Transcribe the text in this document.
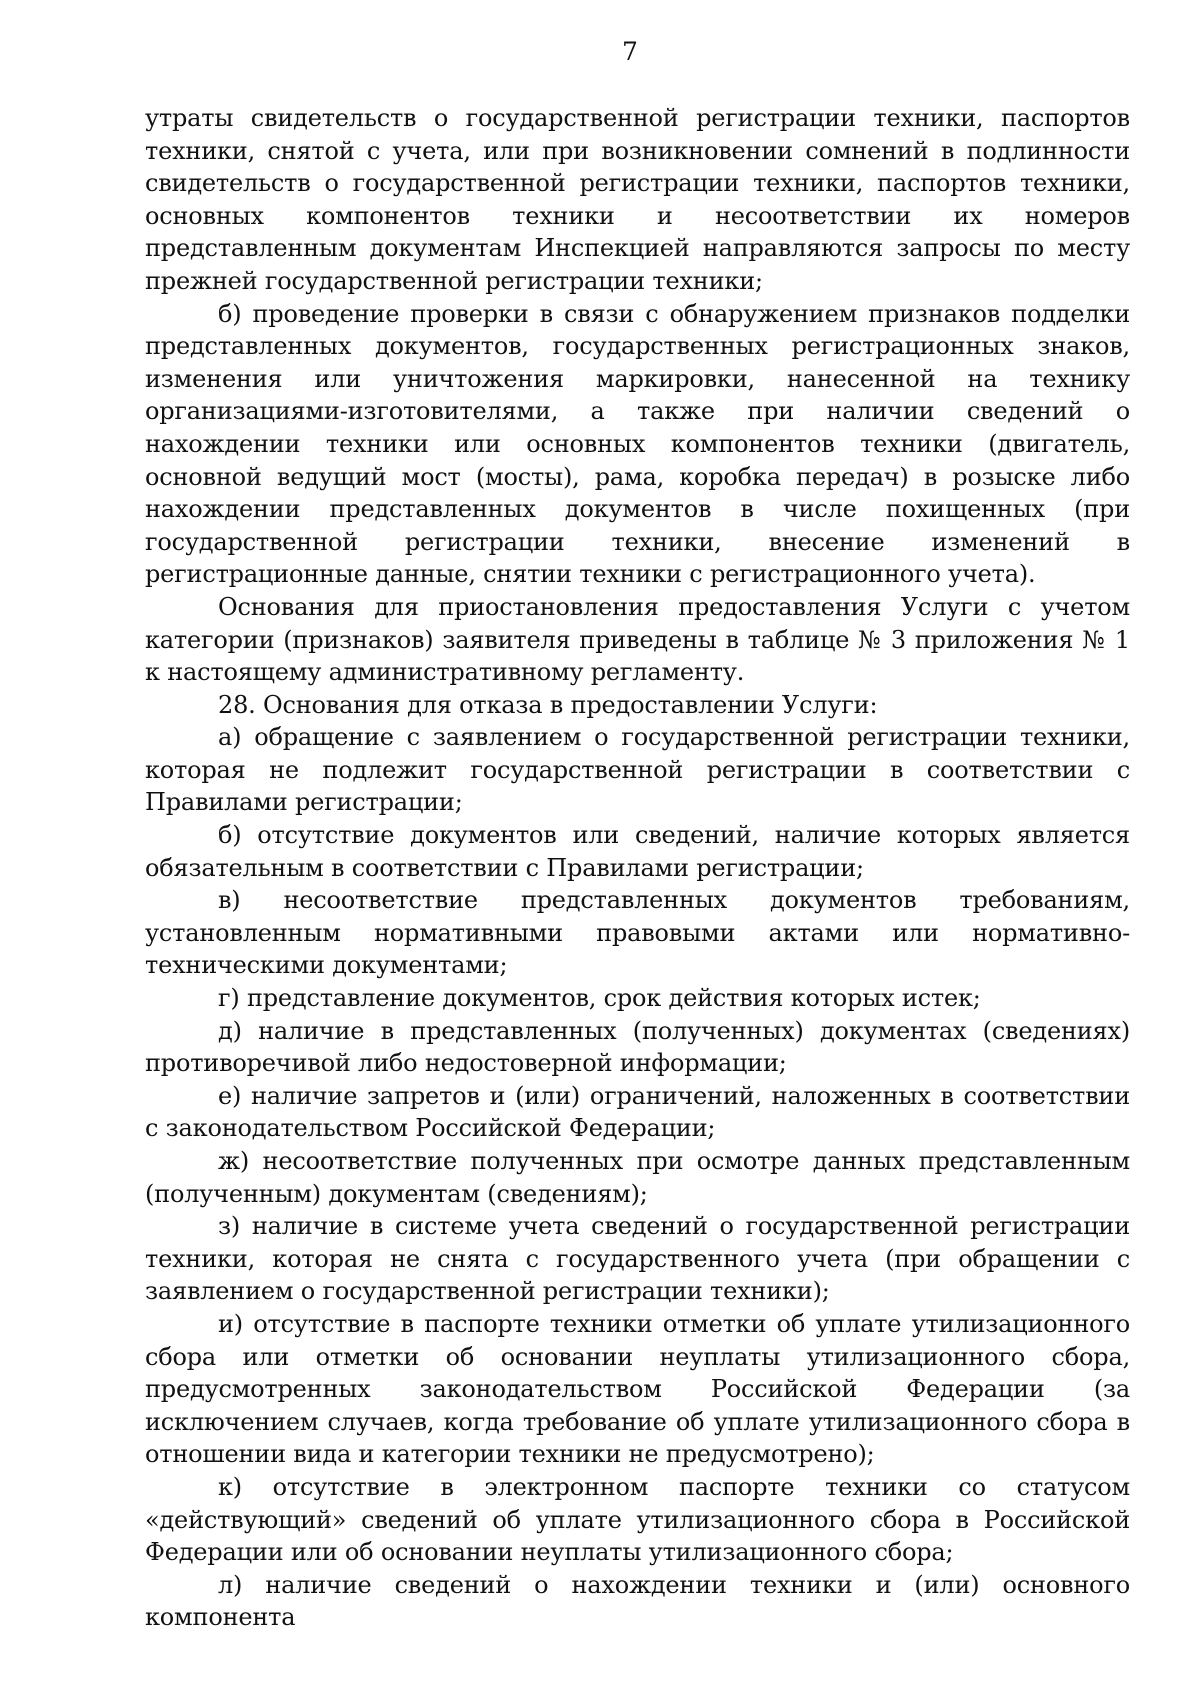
7

утраты свидетельств о государственной регистрации техники, паспортов техники, снятой с учета, или при возникновении сомнений в подлинности свидетельств о государственной регистрации техники, паспортов техники, основных компонентов техники и несоответствии их номеров представленным документам Инспекцией направляются запросы по месту прежней государственной регистрации техники;

б) проведение проверки в связи с обнаружением признаков подделки представленных документов, государственных регистрационных знаков, изменения или уничтожения маркировки, нанесенной на технику организациями-изготовителями, а также при наличии сведений о нахождении техники или основных компонентов техники (двигатель, основной ведущий мост (мосты), рама, коробка передач) в розыске либо нахождении представленных документов в числе похищенных (при государственной регистрации техники, внесение изменений в регистрационные данные, снятии техники с регистрационного учета).

Основания для приостановления предоставления Услуги с учетом категории (признаков) заявителя приведены в таблице № 3 приложения № 1 к настоящему административному регламенту.

28. Основания для отказа в предоставлении Услуги:

а) обращение с заявлением о государственной регистрации техники, которая не подлежит государственной регистрации в соответствии с Правилами регистрации;

б) отсутствие документов или сведений, наличие которых является обязательным в соответствии с Правилами регистрации;

в) несоответствие представленных документов требованиям, установленным нормативными правовыми актами или нормативно-техническими документами;

г) представление документов, срок действия которых истек;

д) наличие в представленных (полученных) документах (сведениях) противоречивой либо недостоверной информации;

е) наличие запретов и (или) ограничений, наложенных в соответствии с законодательством Российской Федерации;

ж) несоответствие полученных при осмотре данных представленным (полученным) документам (сведениям);

з) наличие в системе учета сведений о государственной регистрации техники, которая не снята с государственного учета (при обращении с заявлением о государственной регистрации техники);

и) отсутствие в паспорте техники отметки об уплате утилизационного сбора или отметки об основании неуплаты утилизационного сбора, предусмотренных законодательством Российской Федерации (за исключением случаев, когда требование об уплате утилизационного сбора в отношении вида и категории техники не предусмотрено);

к) отсутствие в электронном паспорте техники со статусом «действующий» сведений об уплате утилизационного сбора в Российской Федерации или об основании неуплаты утилизационного сбора;

л) наличие сведений о нахождении техники и (или) основного компонента
